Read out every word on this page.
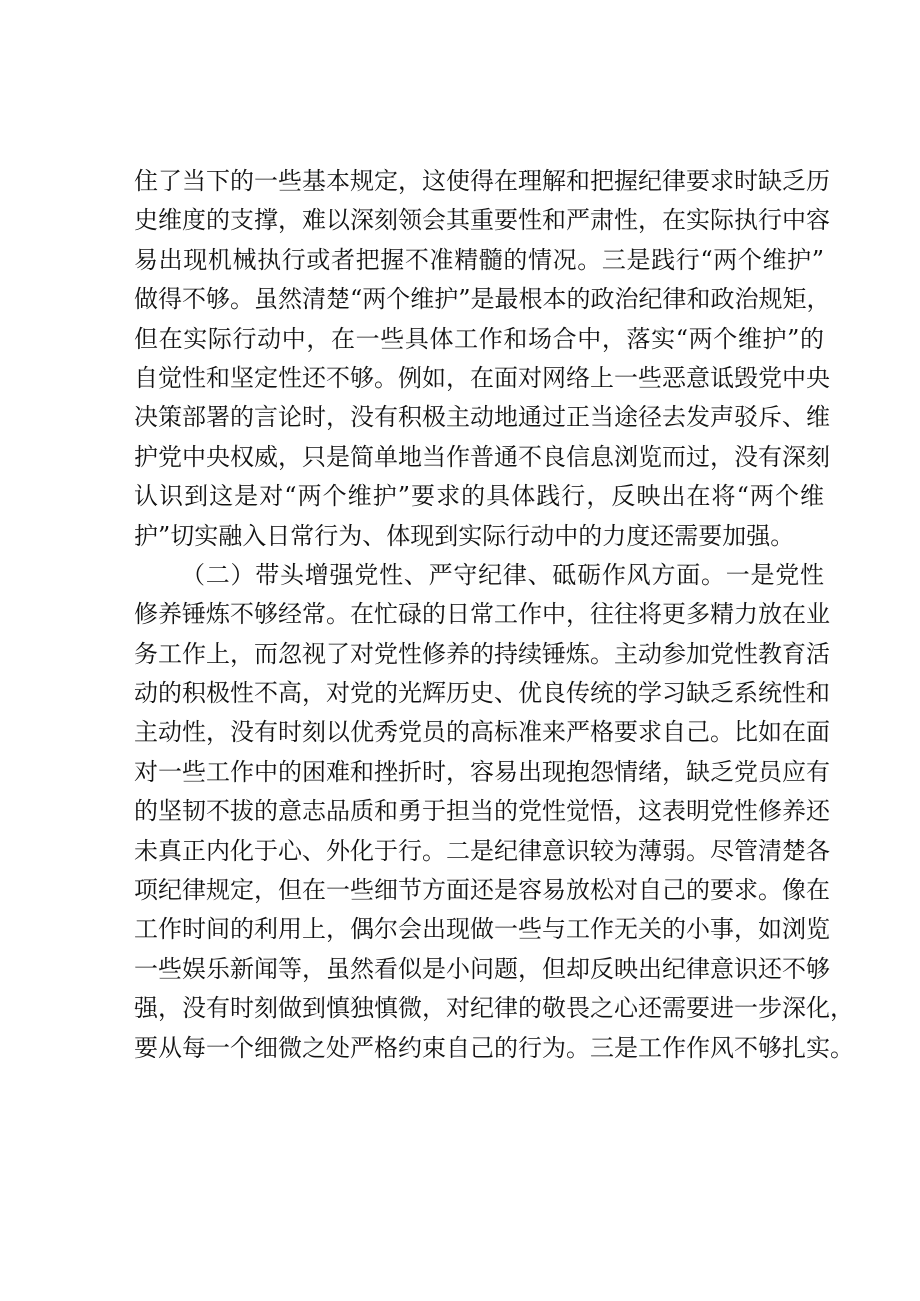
住了当下的一些基本规定，这使得在理解和把握纪律要求时缺乏历
史维度的支撑，难以深刻领会其重要性和严肃性，在实际执行中容
易出现机械执行或者把握不准精髓的情况。三是践行“两个维护”
做得不够。虽然清楚“两个维护”是最根本的政治纪律和政治规矩，
但在实际行动中，在一些具体工作和场合中，落实“两个维护”的
自觉性和坚定性还不够。例如，在面对网络上一些恶意诋毁党中央
决策部署的言论时，没有积极主动地通过正当途径去发声驳斥、维
护党中央权威，只是简单地当作普通不良信息浏览而过，没有深刻
认识到这是对“两个维护”要求的具体践行，反映出在将“两个维
护”切实融入日常行为、体现到实际行动中的力度还需要加强。
（二）带头增强党性、严守纪律、砥砺作风方面。一是党性
修养锤炼不够经常。在忙碌的日常工作中，往往将更多精力放在业
务工作上，而忽视了对党性修养的持续锤炼。主动参加党性教育活
动的积极性不高，对党的光辉历史、优良传统的学习缺乏系统性和
主动性，没有时刻以优秀党员的高标准来严格要求自己。比如在面
对一些工作中的困难和挫折时，容易出现抱怨情绪，缺乏党员应有
的坚韧不拔的意志品质和勇于担当的党性觉悟，这表明党性修养还
未真正内化于心、外化于行。二是纪律意识较为薄弱。尽管清楚各
项纪律规定，但在一些细节方面还是容易放松对自己的要求。像在
工作时间的利用上，偶尔会出现做一些与工作无关的小事，如浏览
一些娱乐新闻等，虽然看似是小问题，但却反映出纪律意识还不够
强，没有时刻做到慎独慎微，对纪律的敬畏之心还需要进一步深化，
要从每一个细微之处严格约束自己的行为。三是工作作风不够扎实。
